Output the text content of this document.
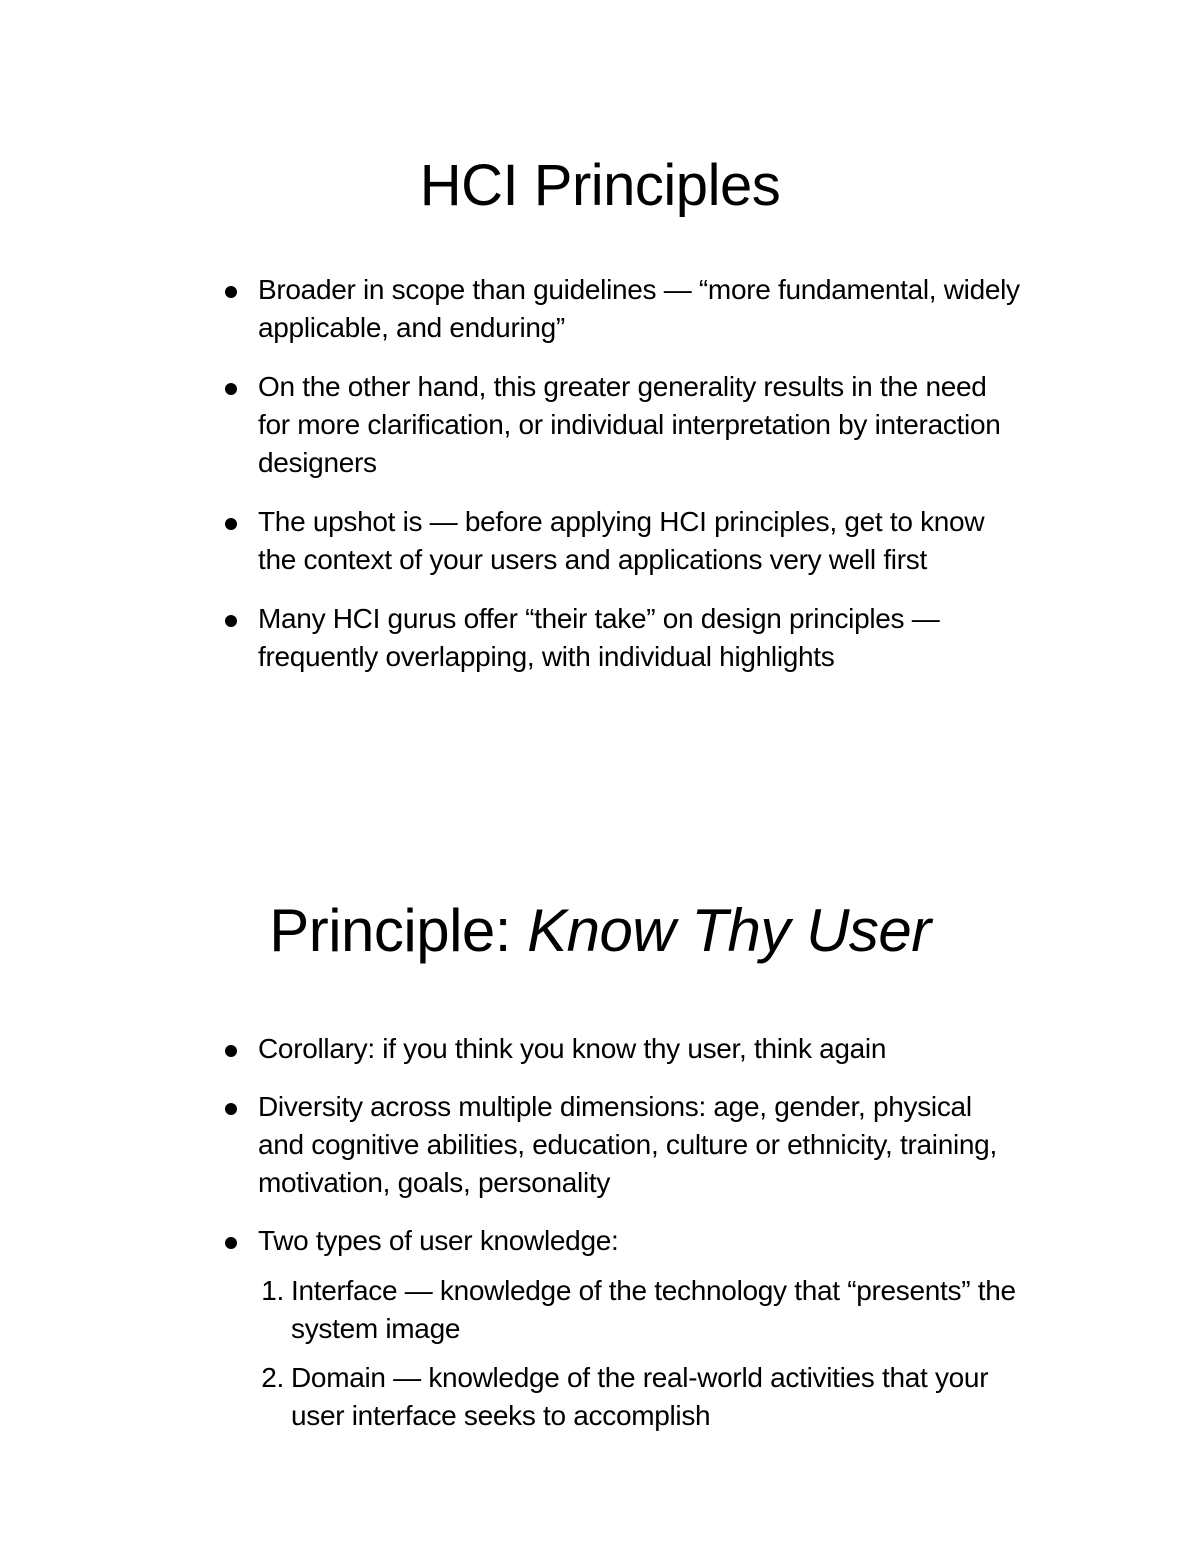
HCI Principles
Broader in scope than guidelines — “more fundamental, widely applicable, and enduring”
On the other hand, this greater generality results in the need for more clarification, or individual interpretation by interaction designers
The upshot is — before applying HCI principles, get to know the context of your users and applications very well first
Many HCI gurus offer “their take” on design principles — frequently overlapping, with individual highlights
Principle: Know Thy User
Corollary: if you think you know thy user, think again
Diversity across multiple dimensions: age, gender, physical and cognitive abilities, education, culture or ethnicity, training, motivation, goals, personality
Two types of user knowledge:
1. Interface — knowledge of the technology that “presents” the system image
2. Domain — knowledge of the real-world activities that your user interface seeks to accomplish
